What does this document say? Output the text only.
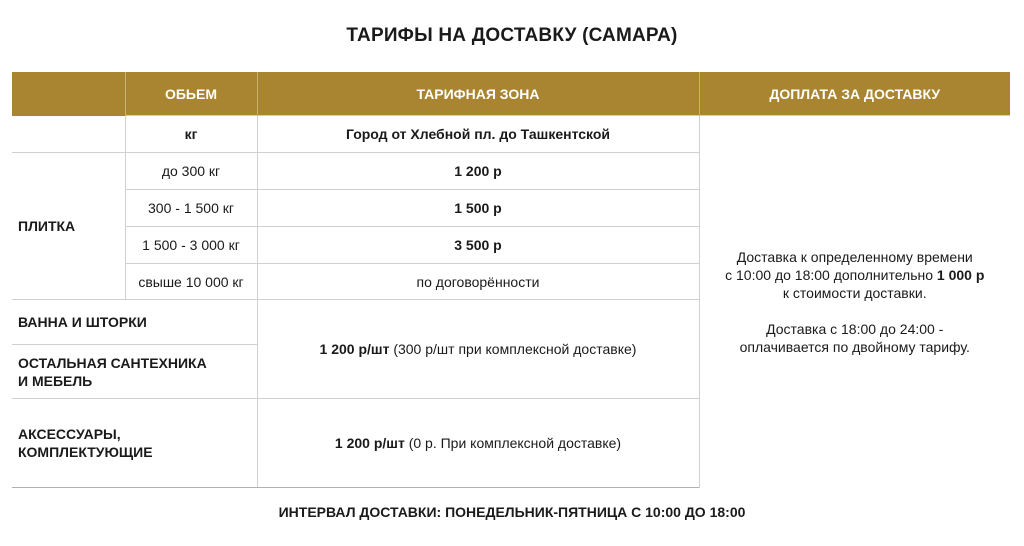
ТАРИФЫ НА ДОСТАВКУ (САМАРА)
	ОБЬЕМ	ТАРИФНАЯ ЗОНА	ДОПЛАТА ЗА ДОСТАВКУ
	кг	Город от Хлебной пл. до Ташкентской	Доставка к определенному времени
с 10:00 до 18:00 дополнительно 1 000 р
к стоимости доставки.

Доставка с 18:00 до 24:00 -
оплачивается по двойному тарифу.

ПЛИТКА	до 300 кг	1 200 р	
	300 - 1 500 кг	1 500 р	
	1 500 - 3 000 кг	3 500 р	
	свыше 10 000 кг	по договорённости	
ВАННА И ШТОРКИ		1 200 р/шт (300 р/шт при комплексной доставке)	
ОСТАЛЬНАЯ САНТЕХНИКА
И МЕБЕЛЬ			
АКСЕССУАРЫ,
КОМПЛЕКТУЮЩИЕ		1 200 р/шт (0 р. При комплексной доставке)	
ИНТЕРВАЛ ДОСТАВКИ: ПОНЕДЕЛЬНИК-ПЯТНИЦА С 10:00 ДО 18:00
